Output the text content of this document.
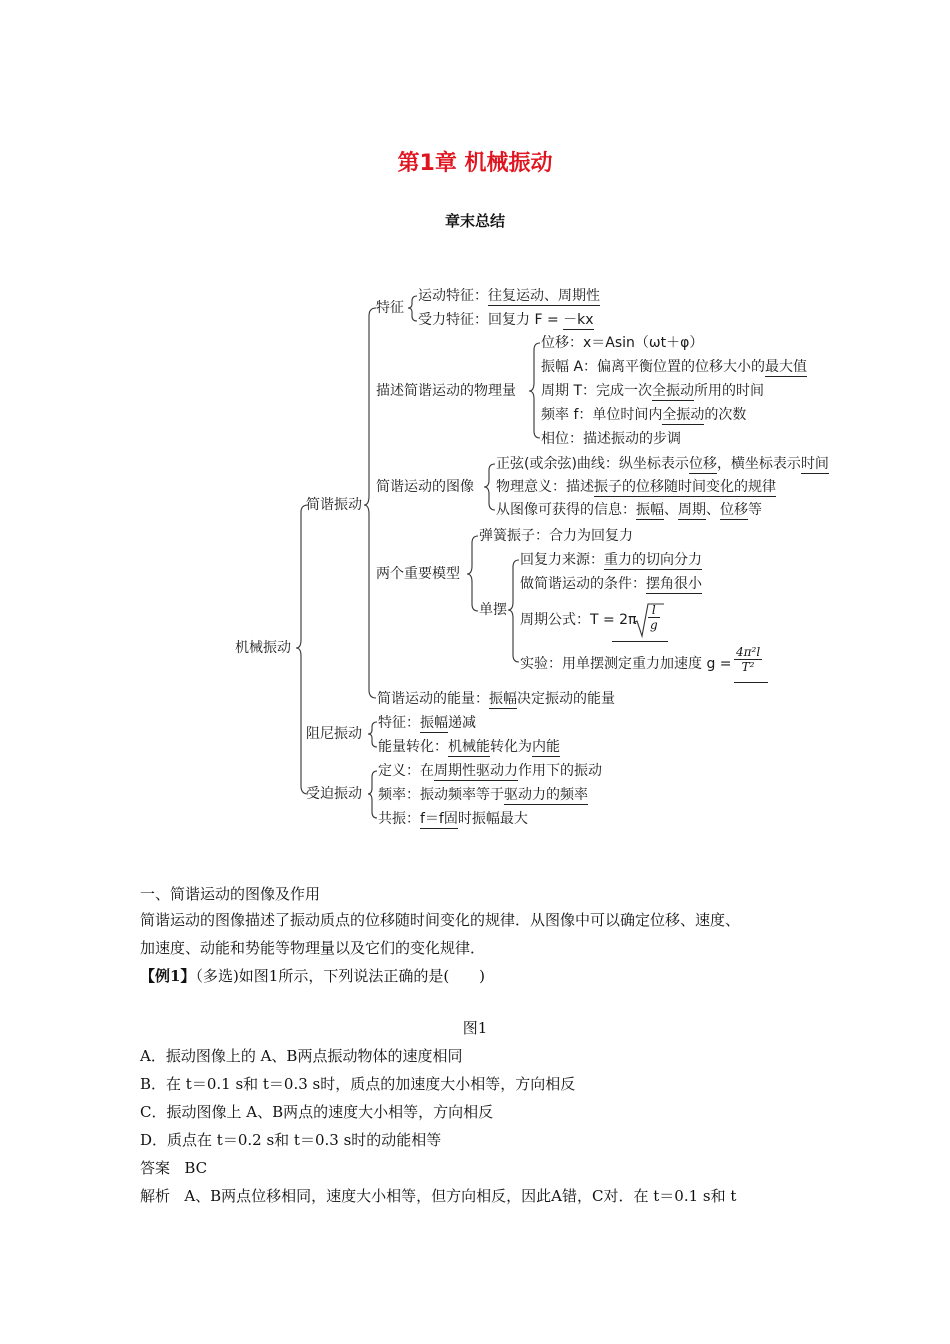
第1章 机械振动
章末总结
机械振动
简谐振动
特征
运动特征：往复运动、周期性
受力特征：回复力 F = －kx
描述简谐运动的物理量
位移：x＝Asin（ωt＋φ）
振幅 A：偏离平衡位置的位移大小的最大值
周期 T：完成一次全振动所用的时间
频率 f：单位时间内全振动的次数
相位：描述振动的步调
简谐运动的图像
正弦(或余弦)曲线：纵坐标表示位移，横坐标表示时间
物理意义：描述振子的位移随时间变化的规律
从图像可获得的信息：振幅、周期、位移等
两个重要模型
弹簧振子：合力为回复力
单摆
回复力来源：重力的切向分力
做简谐运动的条件：摆角很小
周期公式：$T = 2\pi \frac{l}{g}$
实验：用单摆测定重力加速度 $g = \frac{\text{4π²l}}{\text{T²}}$
简谐运动的能量：振幅决定振动的能量
阻尼振动
特征：振幅递减
能量转化：机械能转化为内能
受迫振动
定义：在周期性驱动力作用下的振动
频率：振动频率等于驱动力的频率
共振：f＝f固时振幅最大
一、简谐运动的图像及作用
简谐运动的图像描述了振动质点的位移随时间变化的规律．从图像中可以确定位移、速度、
加速度、动能和势能等物理量以及它们的变化规律．
【例1】（多选)如图1所示，下列说法正确的是(　　)
图1
A．振动图像上的 A、B两点振动物体的速度相同
B．在 t＝0.1 s和 t＝0.3 s时，质点的加速度大小相等，方向相反
C．振动图像上 A、B两点的速度大小相等，方向相反
D．质点在 t＝0.2 s和 t＝0.3 s时的动能相等
答案 BC
解析 A、B两点位移相同，速度大小相等，但方向相反，因此A错，C对．在 t＝0.1 s和 t
